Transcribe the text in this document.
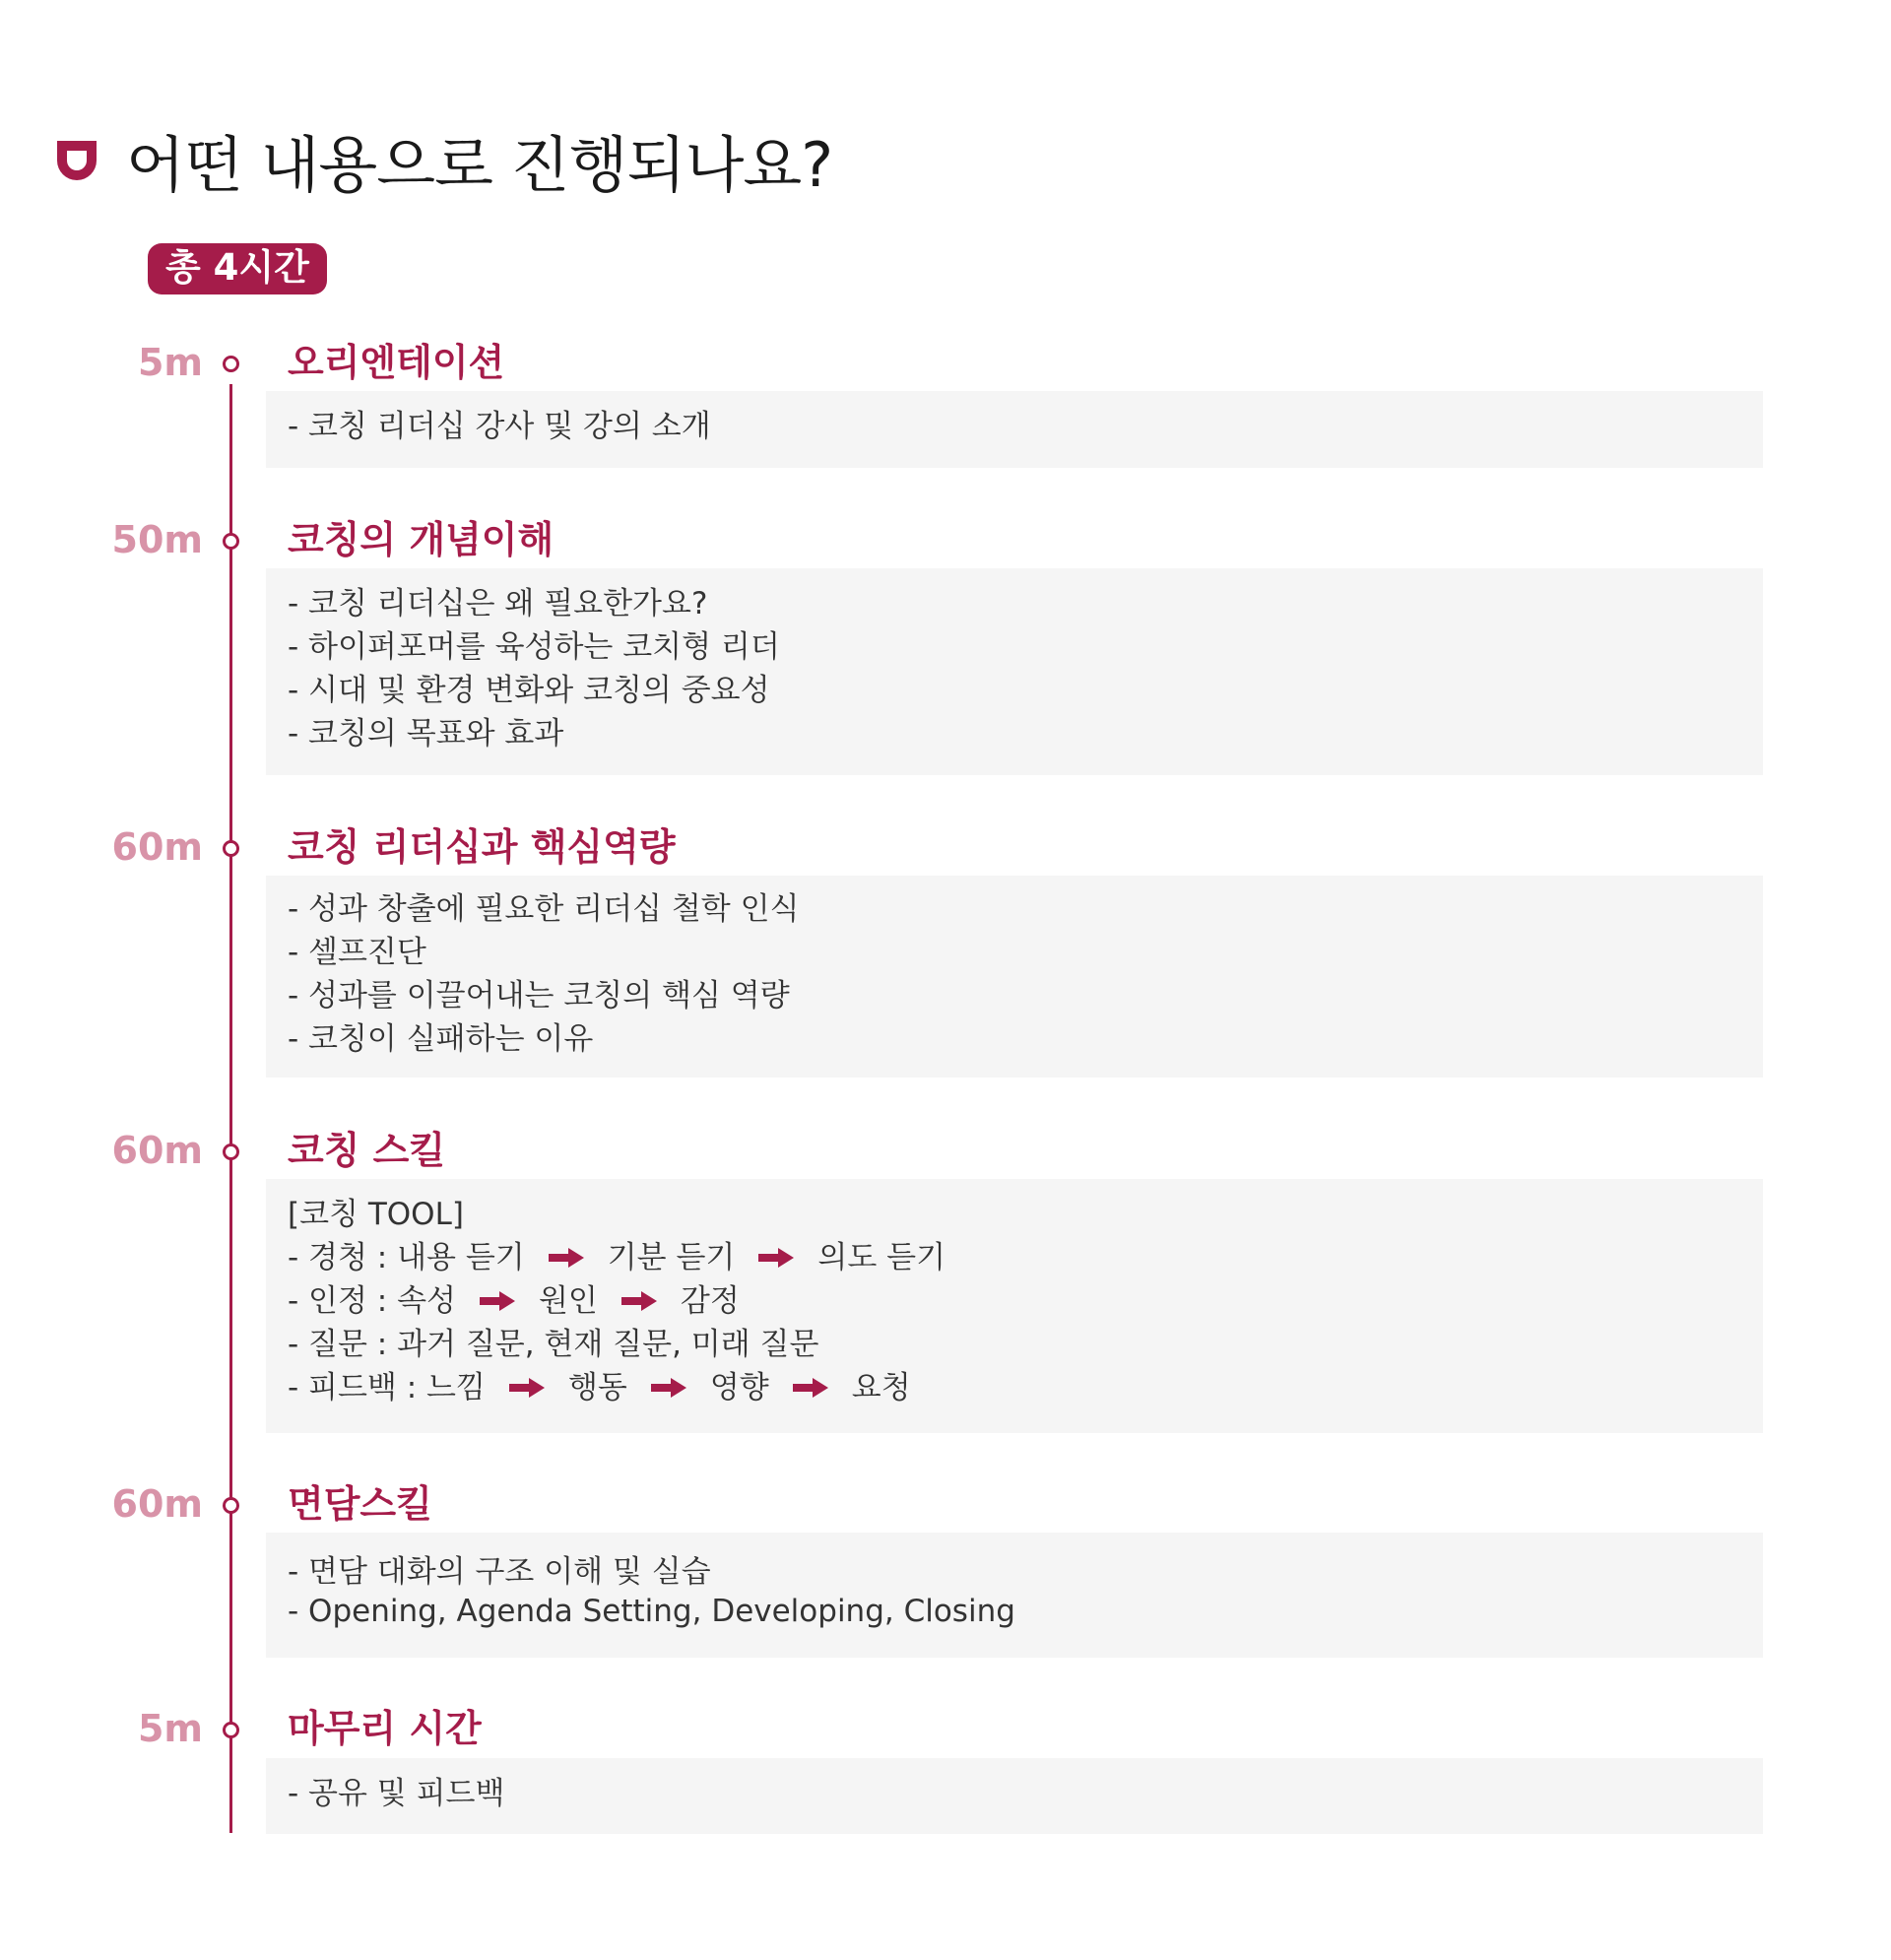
어떤 내용으로 진행되나요?
총 4시간
5m 오리엔테이션
- 코칭 리더십 강사 및 강의 소개
50m 코칭의 개념이해
- 코칭 리더십은 왜 필요한가요?
- 하이퍼포머를 육성하는 코치형 리더
- 시대 및 환경 변화와 코칭의 중요성
- 코칭의 목표와 효과
60m 코칭 리더십과 핵심역량
- 성과 창출에 필요한 리더십 철학 인식
- 셀프진단
- 성과를 이끌어내는 코칭의 핵심 역량
- 코칭이 실패하는 이유
60m 코칭 스킬
[코칭 TOOL]
- 경청 : 내용 듣기	기분 듣기	의도 듣기
- 인정 : 속성	원인	감정
- 질문 : 과거 질문, 현재 질문, 미래 질문
- 피드백 : 느낌	행동	영향	요청
60m 면담스킬
- 면담 대화의 구조 이해 및 실습
- Opening, Agenda Setting, Developing, Closing
5m 마무리 시간
- 공유 및 피드백
